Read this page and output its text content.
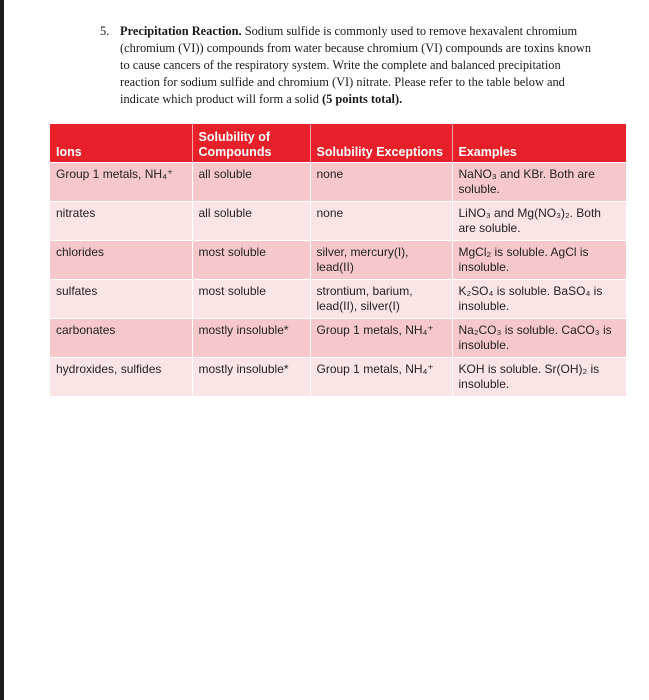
5. Precipitation Reaction. Sodium sulfide is commonly used to remove hexavalent chromium (chromium (VI)) compounds from water because chromium (VI) compounds are toxins known to cause cancers of the respiratory system. Write the complete and balanced precipitation reaction for sodium sulfide and chromium (VI) nitrate. Please refer to the table below and indicate which product will form a solid (5 points total).
Ions	Solubility of Compounds	Solubility Exceptions	Examples
Group 1 metals, NH₄⁺	all soluble	none	NaNO₃ and KBr. Both are soluble.
nitrates	all soluble	none	LiNO₃ and Mg(NO₃)₂. Both are soluble.
chlorides	most soluble	silver, mercury(I), lead(II)	MgCl₂ is soluble. AgCl is insoluble.
sulfates	most soluble	strontium, barium, lead(II), silver(I)	K₂SO₄ is soluble. BaSO₄ is insoluble.
carbonates	mostly insoluble*	Group 1 metals, NH₄⁺	Na₂CO₃ is soluble. CaCO₃ is insoluble.
hydroxides, sulfides	mostly insoluble*	Group 1 metals, NH₄⁺	KOH is soluble. Sr(OH)₂ is insoluble.
